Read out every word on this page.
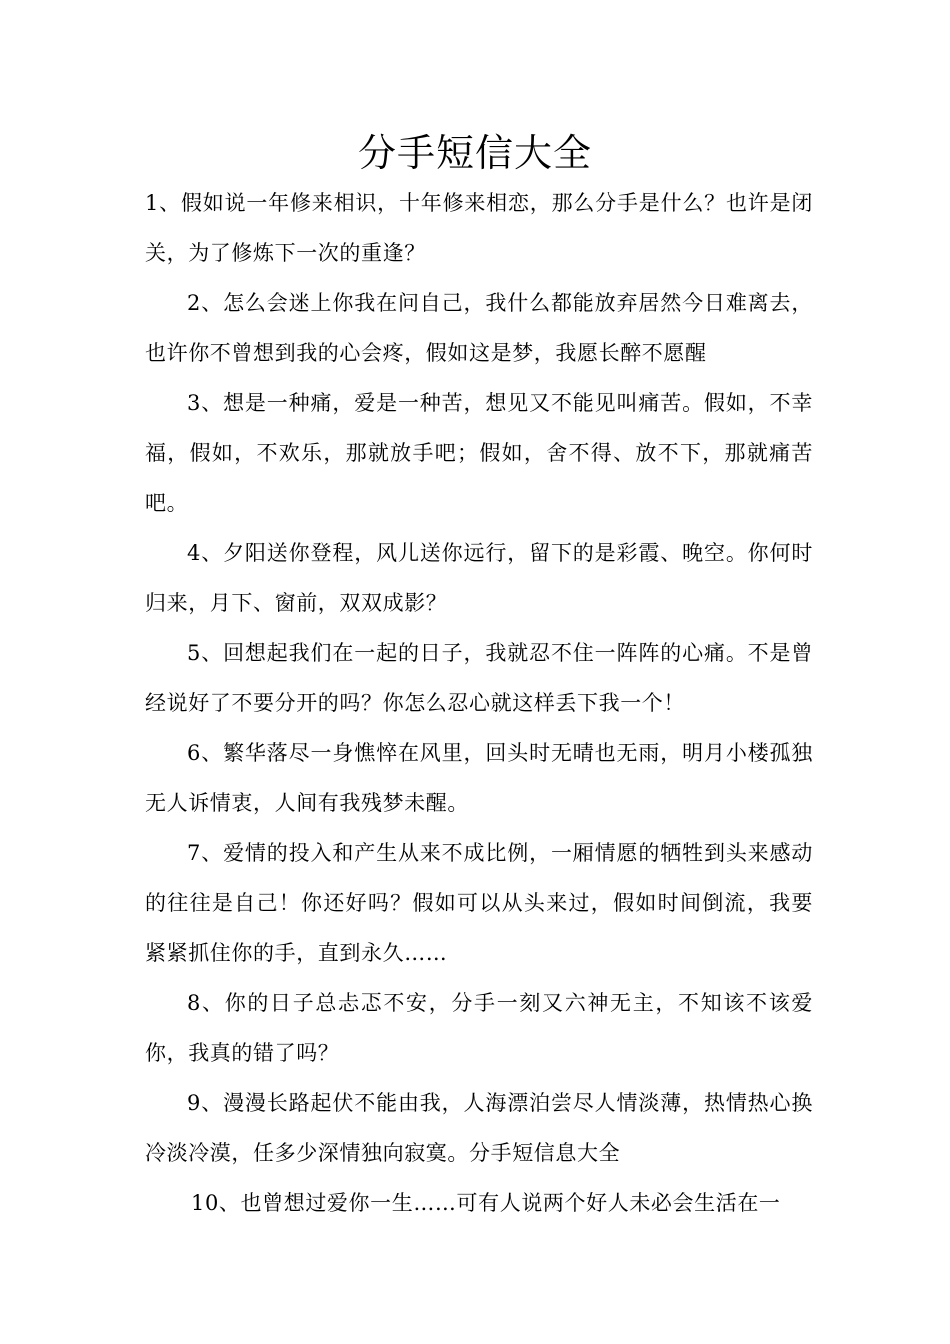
分手短信大全

1、假如说一年修来相识，十年修来相恋，那么分手是什么？也许是闭关，为了修炼下一次的重逢？

2、怎么会迷上你我在问自己，我什么都能放弃居然今日难离去，也许你不曾想到我的心会疼，假如这是梦，我愿长醉不愿醒

3、想是一种痛，爱是一种苦，想见又不能见叫痛苦。假如，不幸福，假如，不欢乐，那就放手吧；假如，舍不得、放不下，那就痛苦吧。

4、夕阳送你登程，风儿送你远行，留下的是彩霞、晚空。你何时归来，月下、窗前，双双成影？

5、回想起我们在一起的日子，我就忍不住一阵阵的心痛。不是曾经说好了不要分开的吗？你怎么忍心就这样丢下我一个！

6、繁华落尽一身憔悴在风里，回头时无晴也无雨，明月小楼孤独无人诉情衷，人间有我残梦未醒。

7、爱情的投入和产生从来不成比例，一厢情愿的牺牲到头来感动的往往是自己！你还好吗？假如可以从头来过，假如时间倒流，我要紧紧抓住你的手，直到永久……

8、你的日子总忐忑不安，分手一刻又六神无主，不知该不该爱你，我真的错了吗？

9、漫漫长路起伏不能由我，人海漂泊尝尽人情淡薄，热情热心换冷淡冷漠，任多少深情独向寂寞。分手短信息大全

10、也曾想过爱你一生……可有人说两个好人未必会生活在一
